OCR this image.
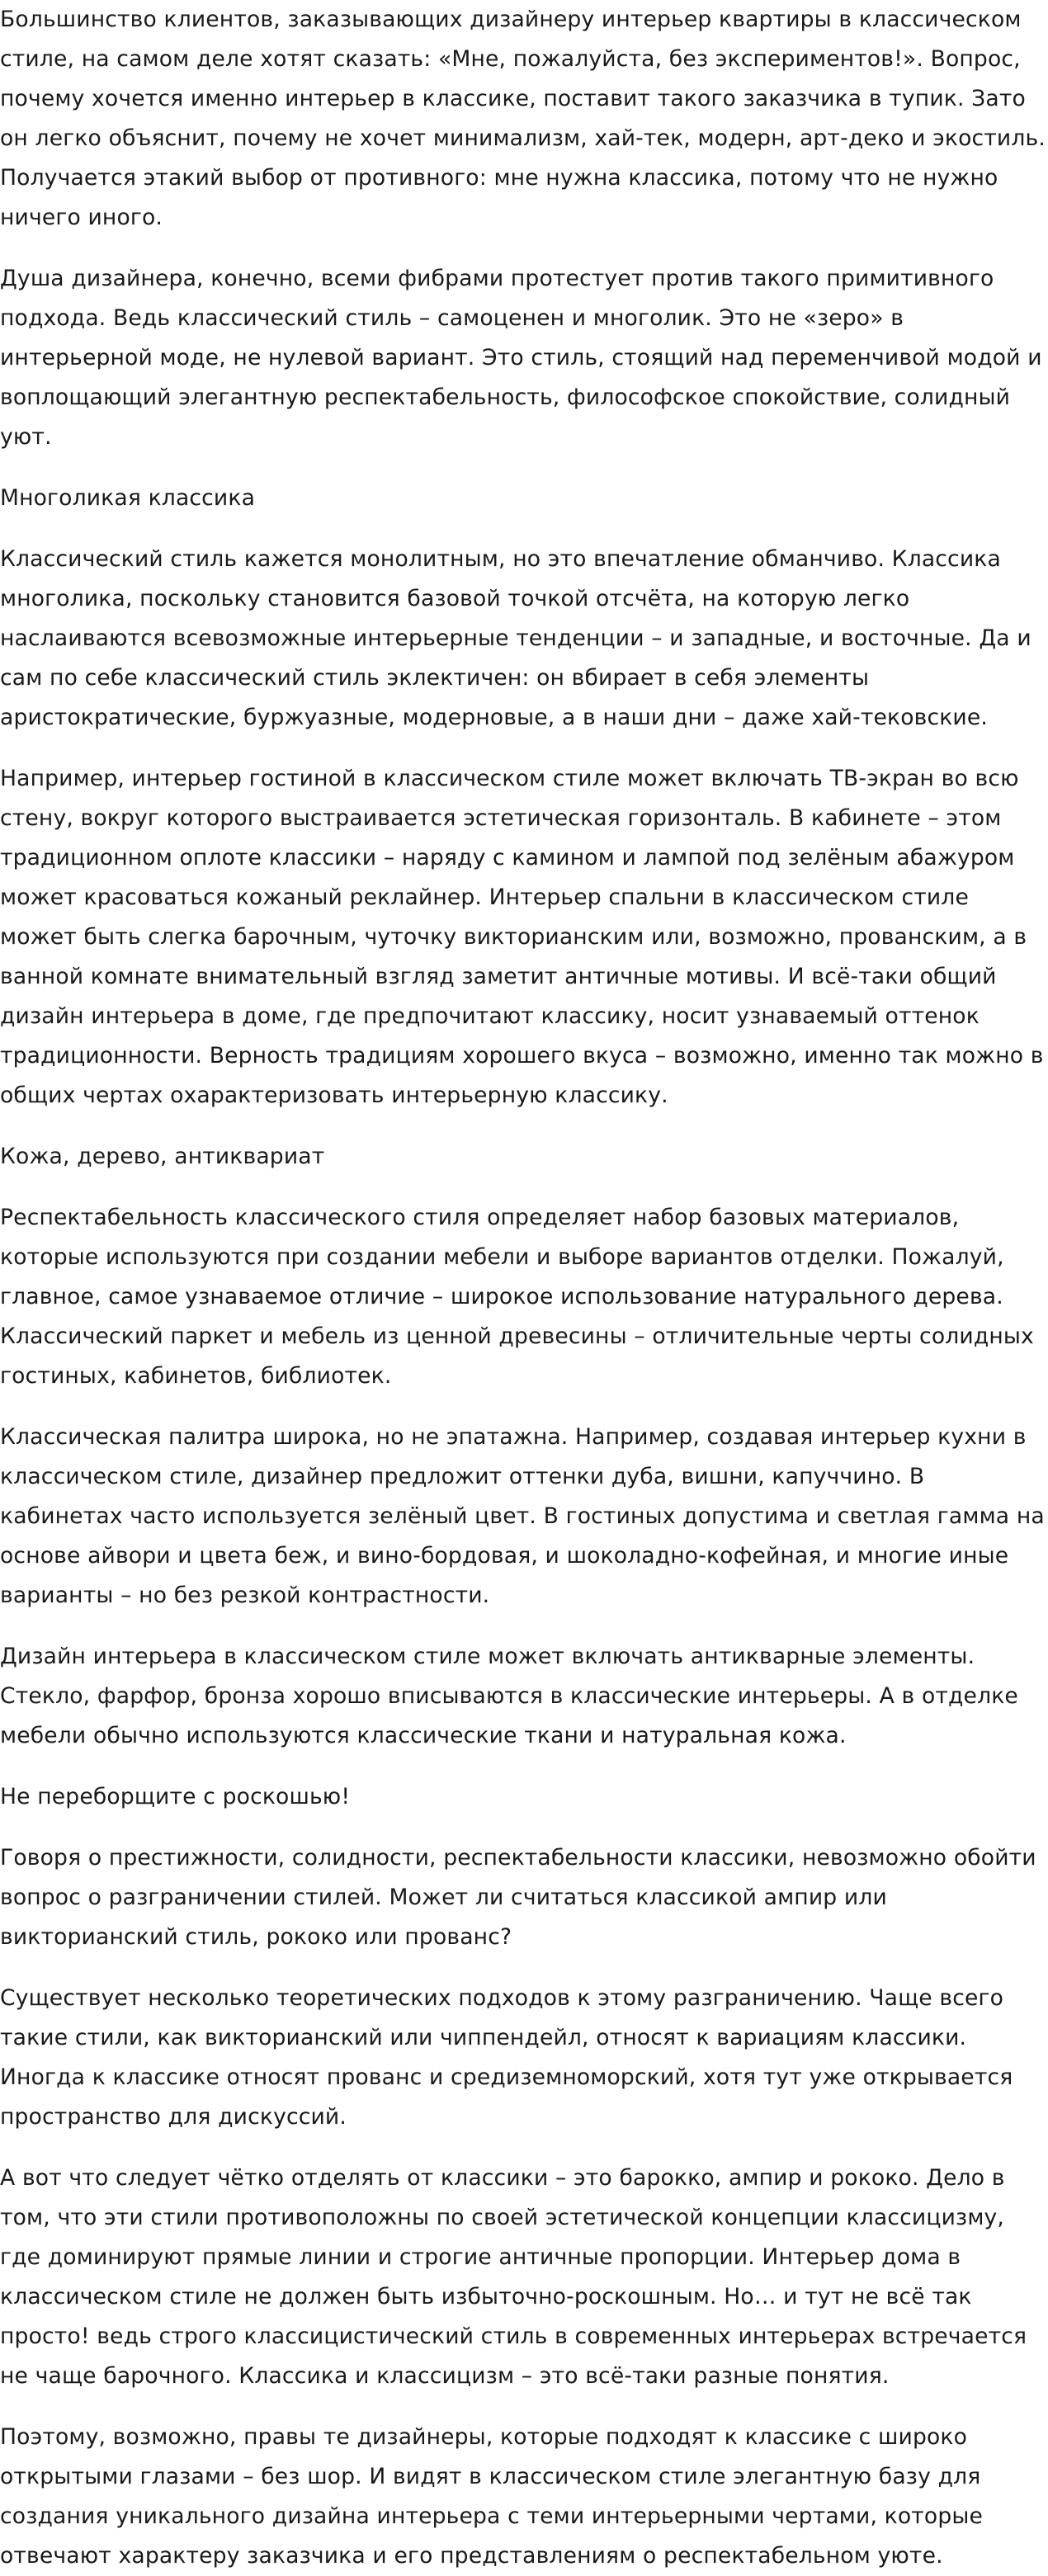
Большинство клиентов, заказывающих дизайнеру интерьер квартиры в классическом стиле, на самом деле хотят сказать: «Мне, пожалуйста, без экспериментов!». Вопрос, почему хочется именно интерьер в классике, поставит такого заказчика в тупик. Зато он легко объяснит, почему не хочет минимализм, хай-тек, модерн, арт-деко и экостиль. Получается этакий выбор от противного: мне нужна классика, потому что не нужно ничего иного.

Душа дизайнера, конечно, всеми фибрами протестует против такого примитивного подхода. Ведь классический стиль – самоценен и многолик. Это не «зеро» в интерьерной моде, не нулевой вариант. Это стиль, стоящий над переменчивой модой и воплощающий элегантную респектабельность, философское спокойствие, солидный уют.

Многоликая классика

Классический стиль кажется монолитным, но это впечатление обманчиво. Классика многолика, поскольку становится базовой точкой отсчёта, на которую легко наслаиваются всевозможные интерьерные тенденции – и западные, и восточные. Да и сам по себе классический стиль эклектичен: он вбирает в себя элементы аристократические, буржуазные, модерновые, а в наши дни – даже хай-тековские.

Например, интерьер гостиной в классическом стиле может включать ТВ-экран во всю стену, вокруг которого выстраивается эстетическая горизонталь. В кабинете – этом традиционном оплоте классики – наряду с камином и лампой под зелёным абажуром может красоваться кожаный реклайнер. Интерьер спальни в классическом стиле может быть слегка барочным, чуточку викторианским или, возможно, прованским, а в ванной комнате внимательный взгляд заметит античные мотивы. И всё-таки общий дизайн интерьера в доме, где предпочитают классику, носит узнаваемый оттенок традиционности. Верность традициям хорошего вкуса – возможно, именно так можно в общих чертах охарактеризовать интерьерную классику.

Кожа, дерево, антиквариат

Респектабельность классического стиля определяет набор базовых материалов, которые используются при создании мебели и выборе вариантов отделки. Пожалуй, главное, самое узнаваемое отличие – широкое использование натурального дерева. Классический паркет и мебель из ценной древесины – отличительные черты солидных гостиных, кабинетов, библиотек.

Классическая палитра широка, но не эпатажна. Например, создавая интерьер кухни в классическом стиле, дизайнер предложит оттенки дуба, вишни, капуччино. В кабинетах часто используется зелёный цвет. В гостиных допустима и светлая гамма на основе айвори и цвета беж, и вино-бордовая, и шоколадно-кофейная, и многие иные варианты – но без резкой контрастности.

Дизайн интерьера в классическом стиле может включать антикварные элементы. Стекло, фарфор, бронза хорошо вписываются в классические интерьеры. А в отделке мебели обычно используются классические ткани и натуральная кожа.

Не переборщите с роскошью!

Говоря о престижности, солидности, респектабельности классики, невозможно обойти вопрос о разграничении стилей. Может ли считаться классикой ампир или викторианский стиль, рококо или прованс?

Существует несколько теоретических подходов к этому разграничению. Чаще всего такие стили, как викторианский или чиппендейл, относят к вариациям классики. Иногда к классике относят прованс и средиземноморский, хотя тут уже открывается пространство для дискуссий.

А вот что следует чётко отделять от классики – это барокко, ампир и рококо. Дело в том, что эти стили противоположны по своей эстетической концепции классицизму, где доминируют прямые линии и строгие античные пропорции. Интерьер дома в классическом стиле не должен быть избыточно-роскошным. Но… и тут не всё так просто! ведь строго классицистический стиль в современных интерьерах встречается не чаще барочного. Классика и классицизм – это всё-таки разные понятия.

Поэтому, возможно, правы те дизайнеры, которые подходят к классике с широко открытыми глазами – без шор. И видят в классическом стиле элегантную базу для создания уникального дизайна интерьера с теми интерьерными чертами, которые отвечают характеру заказчика и его представлениям о респектабельном уюте.
